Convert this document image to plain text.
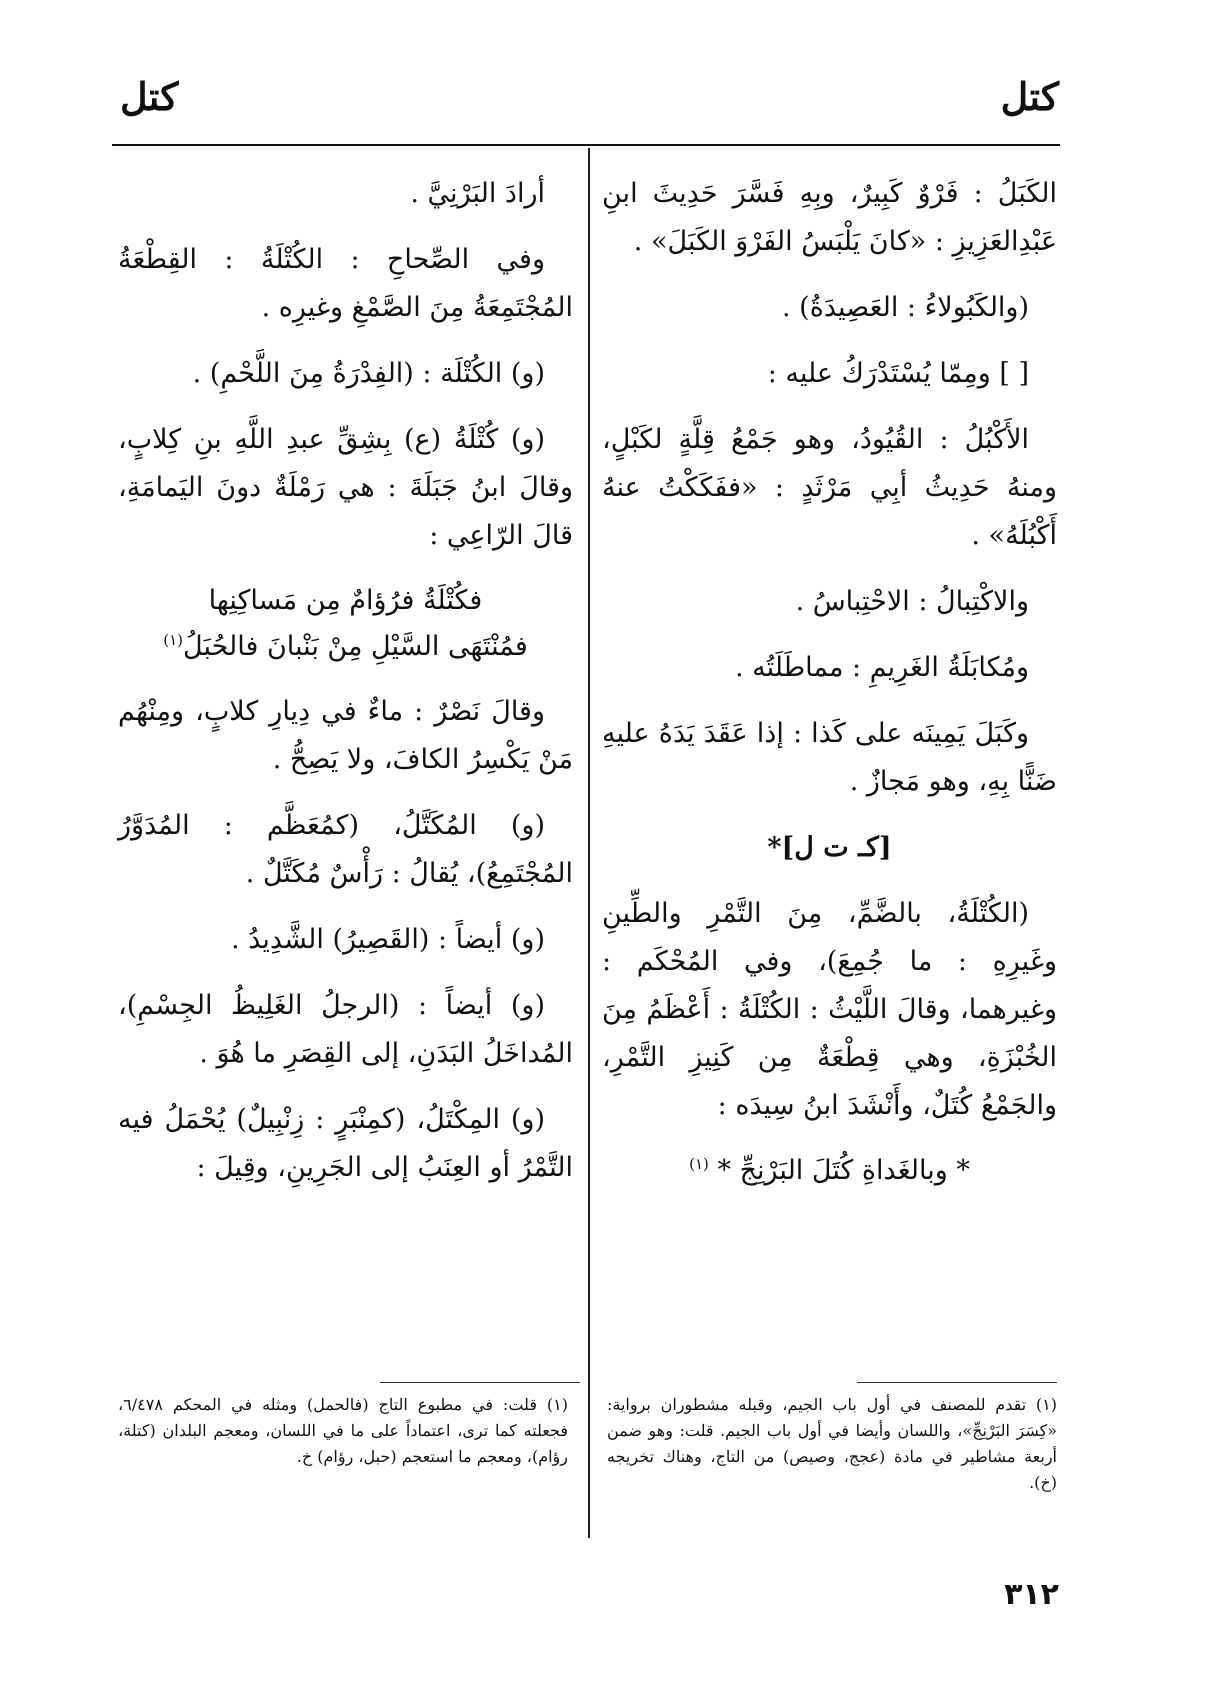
كتل
كتل

الكَبَلُ : فَرْوٌ كَبِيرٌ، وبِهِ فَسَّرَ حَدِيثَ ابنِ عَبْدِالعَزِيزِ : «كانَ يَلْبَسُ الفَرْوَ الكَبَلَ» .

(والكَبُولاءُ : العَصِيدَةُ) .

[ ] ومِمّا يُسْتَدْرَكُ عليه :

الأَكْبُلُ : القُيُودُ، وهو جَمْعُ قِلَّةٍ لكَبْلٍ، ومنهُ حَدِيثُ أبِي مَرْثَدٍ : «ففَكَكْتُ عنهُ أَكْبُلَهُ» .

والاكْتِبالُ : الاحْتِباسُ .

ومُكابَلَةُ الغَرِيمِ : مماطَلَتُه .

وكَبَلَ يَمِينَه على كَذا : إذا عَقَدَ يَدَهُ عليهِ ضَنًّا بِهِ، وهو مَجازٌ .

[كـ ت ل]*

(الكُتْلَةُ، بالضَّمِّ، مِنَ التَّمْرِ والطِّينِ وغَيرِهِ : ما جُمِعَ)، وفي المُحْكَم : وغيرهما، وقالَ اللَّيْثُ : الكُتْلَةُ : أَعْظَمُ مِنَ الخُبْزَةِ، وهي قِطْعَةٌ مِن كَنِيزِ التَّمْرِ، والجَمْعُ كُتَلٌ، وأَنْشَدَ ابنُ سِيدَه :

* وبالغَداةِ كُتَلَ البَرْنِجِّ * $^{(١)}$

أرادَ البَرْنِيَّ .

وفي الصِّحاحِ : الكُتْلَةُ : القِطْعَةُ المُجْتَمِعَةُ مِنَ الصَّمْغِ وغيرِه .

(و) الكُتْلَة : (الفِدْرَةُ مِنَ اللَّحْمِ) .

(و) كُتْلَةُ (ع) بِشِقِّ عبدِ اللَّهِ بنِ كِلابٍ، وقالَ ابنُ جَبَلَةَ : هي رَمْلَةٌ دونَ اليَمامَةِ، قالَ الرّاعِي :

فكُتْلَةُ فرُؤامٌ مِن مَساكِنِها
فمُنْتَهَى السَّيْلِ مِنْ بَنْبانَ فالحُبَلُ$^{(١)}$

وقالَ نَصْرٌ : ماءٌ في دِيارِ كلابٍ، ومِنْهُم مَنْ يَكْسِرُ الكافَ، ولا يَصِحُّ .

(و) المُكَتَّلُ، (كمُعَظَّم : المُدَوَّرُ المُجْتَمِعُ)، يُقالُ : رَأْسٌ مُكَتَّلٌ .

(و) أيضاً : (القَصِيرُ) الشَّدِيدُ .

(و) أيضاً : (الرجلُ الغَلِيظُ الجِسْمِ)، المُداخَلُ البَدَنِ، إلى القِصَرِ ما هُوَ .

(و) المِكْتَلُ، (كمِنْبَرٍ : زِنْبِيلٌ) يُحْمَلُ فيه التَّمْرُ أو العِنَبُ إلى الجَرِينِ، وقِيلَ :

(١) تقدم للمصنف في أول باب الجيم، وقبله مشطوران برواية: «كِسَرَ البَرْنِجِّ»، واللسان وأيضا في أول باب الجيم. قلت: وهو ضمن أربعة مشاطير في مادة (عجج، وصيص) من التاج، وهناك تخريجه (خ).
(١) قلت: في مطبوع التاج (فالحمل) ومثله في المحكم ٦/٤٧٨، فجعلته كما ترى، اعتماداً على ما في اللسان، ومعجم البلدان (كتلة، رؤام)، ومعجم ما استعجم (حبل، رؤام) خ.
٣١٢
